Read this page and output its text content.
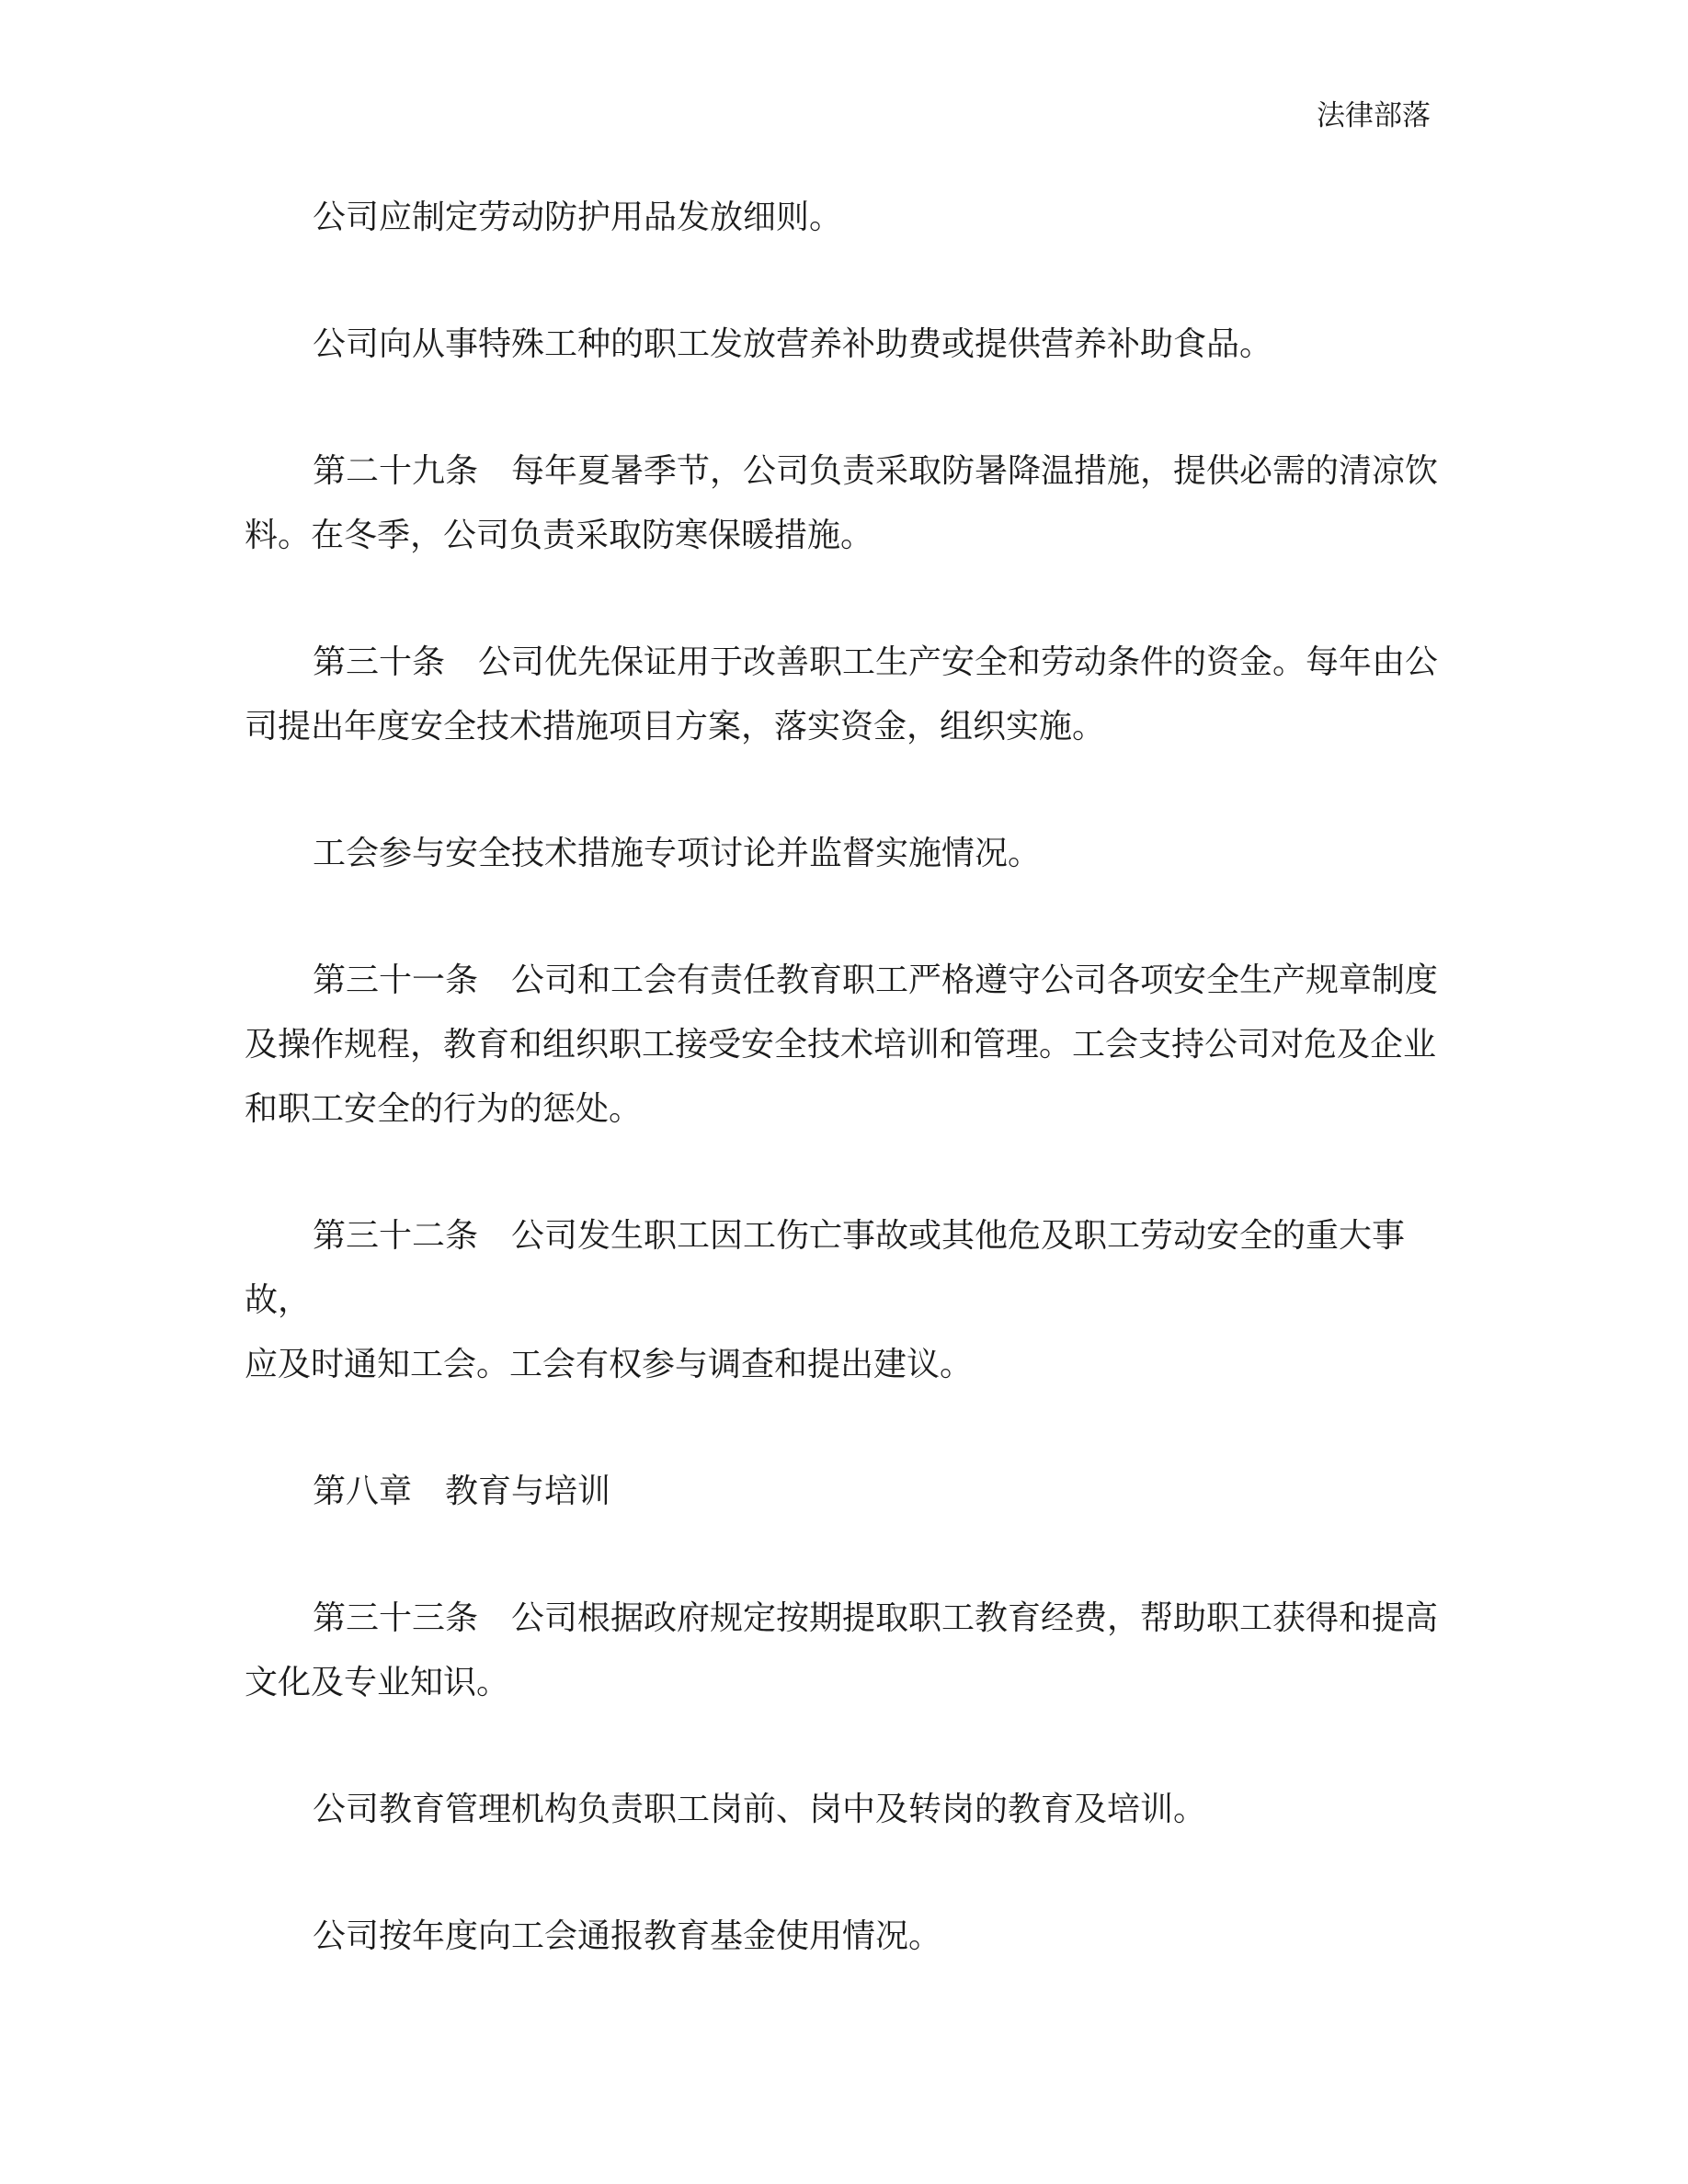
法律部落
公司应制定劳动防护用品发放细则。
公司向从事特殊工种的职工发放营养补助费或提供营养补助食品。
第二十九条　每年夏暑季节，公司负责采取防暑降温措施，提供必需的清凉饮
料。在冬季，公司负责采取防寒保暖措施。
第三十条　公司优先保证用于改善职工生产安全和劳动条件的资金。每年由公
司提出年度安全技术措施项目方案，落实资金，组织实施。
工会参与安全技术措施专项讨论并监督实施情况。
第三十一条　公司和工会有责任教育职工严格遵守公司各项安全生产规章制度
及操作规程，教育和组织职工接受安全技术培训和管理。工会支持公司对危及企业
和职工安全的行为的惩处。
第三十二条　公司发生职工因工伤亡事故或其他危及职工劳动安全的重大事
故，
应及时通知工会。工会有权参与调查和提出建议。
第八章　教育与培训
第三十三条　公司根据政府规定按期提取职工教育经费，帮助职工获得和提高
文化及专业知识。
公司教育管理机构负责职工岗前、岗中及转岗的教育及培训。
公司按年度向工会通报教育基金使用情况。
